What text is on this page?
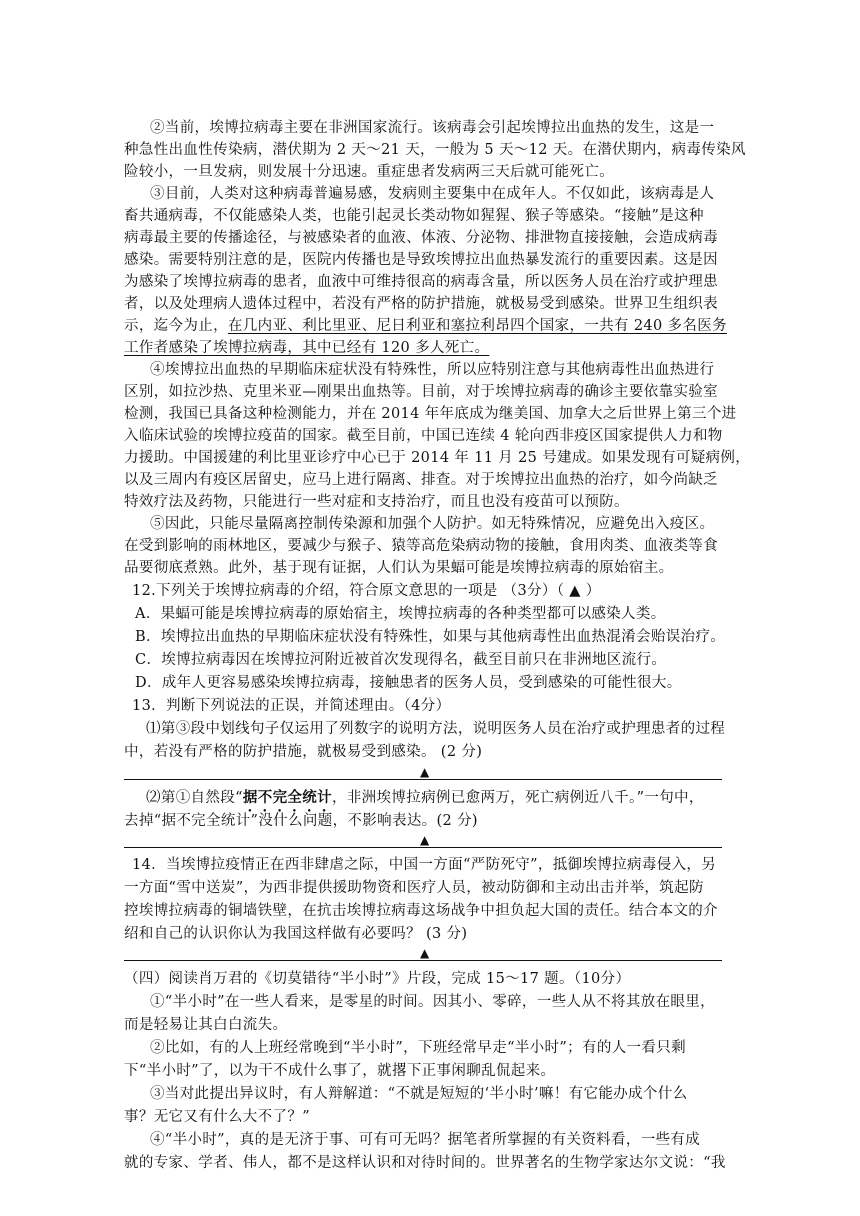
②当前，埃博拉病毒主要在非洲国家流行。该病毒会引起埃博拉出血热的发生，这是一
种急性出血性传染病，潜伏期为 2 天～21 天，一般为 5 天～12 天。在潜伏期内，病毒传染风
险较小，一旦发病，则发展十分迅速。重症患者发病两三天后就可能死亡。
③目前，人类对这种病毒普遍易感，发病则主要集中在成年人。不仅如此，该病毒是人
畜共通病毒，不仅能感染人类，也能引起灵长类动物如猩猩、猴子等感染。“接触”是这种
病毒最主要的传播途径，与被感染者的血液、体液、分泌物、排泄物直接接触，会造成病毒
感染。需要特别注意的是，医院内传播也是导致埃博拉出血热暴发流行的重要因素。这是因
为感染了埃博拉病毒的患者，血液中可维持很高的病毒含量，所以医务人员在治疗或护理患
者，以及处理病人遗体过程中，若没有严格的防护措施，就极易受到感染。世界卫生组织表
示，迄今为止，在几内亚、利比里亚、尼日利亚和塞拉利昂四个国家，一共有 240 多名医务
工作者感染了埃博拉病毒，其中已经有 120 多人死亡。
④埃博拉出血热的早期临床症状没有特殊性，所以应特别注意与其他病毒性出血热进行
区别，如拉沙热、克里米亚—刚果出血热等。目前，对于埃博拉病毒的确诊主要依靠实验室
检测，我国已具备这种检测能力，并在 2014 年年底成为继美国、加拿大之后世界上第三个进
入临床试验的埃博拉疫苗的国家。截至目前，中国已连续 4 轮向西非疫区国家提供人力和物
力援助。中国援建的利比里亚诊疗中心已于 2014 年 11 月 25 号建成。如果发现有可疑病例，
以及三周内有疫区居留史，应马上进行隔离、排查。对于埃博拉出血热的治疗，如今尚缺乏
特效疗法及药物，只能进行一些对症和支持治疗，而且也没有疫苗可以预防。
⑤因此，只能尽量隔离控制传染源和加强个人防护。如无特殊情况，应避免出入疫区。
在受到影响的雨林地区，要减少与猴子、猿等高危染病动物的接触，食用肉类、血液类等食
品要彻底煮熟。此外，基于现有证据，人们认为果蝠可能是埃博拉病毒的原始宿主。
12.下列关于埃博拉病毒的介绍，符合原文意思的一项是 （3分）（ ▲ ）
A．果蝠可能是埃博拉病毒的原始宿主，埃博拉病毒的各种类型都可以感染人类。
B．埃博拉出血热的早期临床症状没有特殊性，如果与其他病毒性出血热混淆会贻误治疗。
C．埃博拉病毒因在埃博拉河附近被首次发现得名，截至目前只在非洲地区流行。
D．成年人更容易感染埃博拉病毒，接触患者的医务人员，受到感染的可能性很大。
13．判断下列说法的正误，并简述理由。（4分）
⑴第③段中划线句子仅运用了列数字的说明方法，说明医务人员在治疗或护理患者的过程
中，若没有严格的防护措施，就极易受到感染。 (2 分)
▲
⑵第①自然段“据不完全统计，非洲埃博拉病例已愈两万，死亡病例近八千。”一句中，
去掉“据不完全统计”没什么问题，不影响表达。(2 分)
▲
14．当埃博拉疫情正在西非肆虐之际，中国一方面“严防死守”，抵御埃博拉病毒侵入，另
一方面“雪中送炭”，为西非提供援助物资和医疗人员，被动防御和主动出击并举，筑起防
控埃博拉病毒的铜墙铁壁，在抗击埃博拉病毒这场战争中担负起大国的责任。结合本文的介
绍和自己的认识你认为我国这样做有必要吗？ (3 分)
▲
（四）阅读肖万君的《切莫错待“半小时”》片段，完成 15～17 题。（10分）
①“半小时”在一些人看来，是零星的时间。因其小、零碎，一些人从不将其放在眼里，
而是轻易让其白白流失。
②比如，有的人上班经常晚到“半小时”，下班经常早走“半小时”；有的人一看只剩
下“半小时”了，以为干不成什么事了，就撂下正事闲聊乱侃起来。
③当对此提出异议时，有人辩解道：“不就是短短的‘半小时’嘛！有它能办成个什么
事？无它又有什么大不了？”
④“半小时”，真的是无济于事、可有可无吗？据笔者所掌握的有关资料看，一些有成
就的专家、学者、伟人，都不是这样认识和对待时间的。世界著名的生物学家达尔文说：“我
